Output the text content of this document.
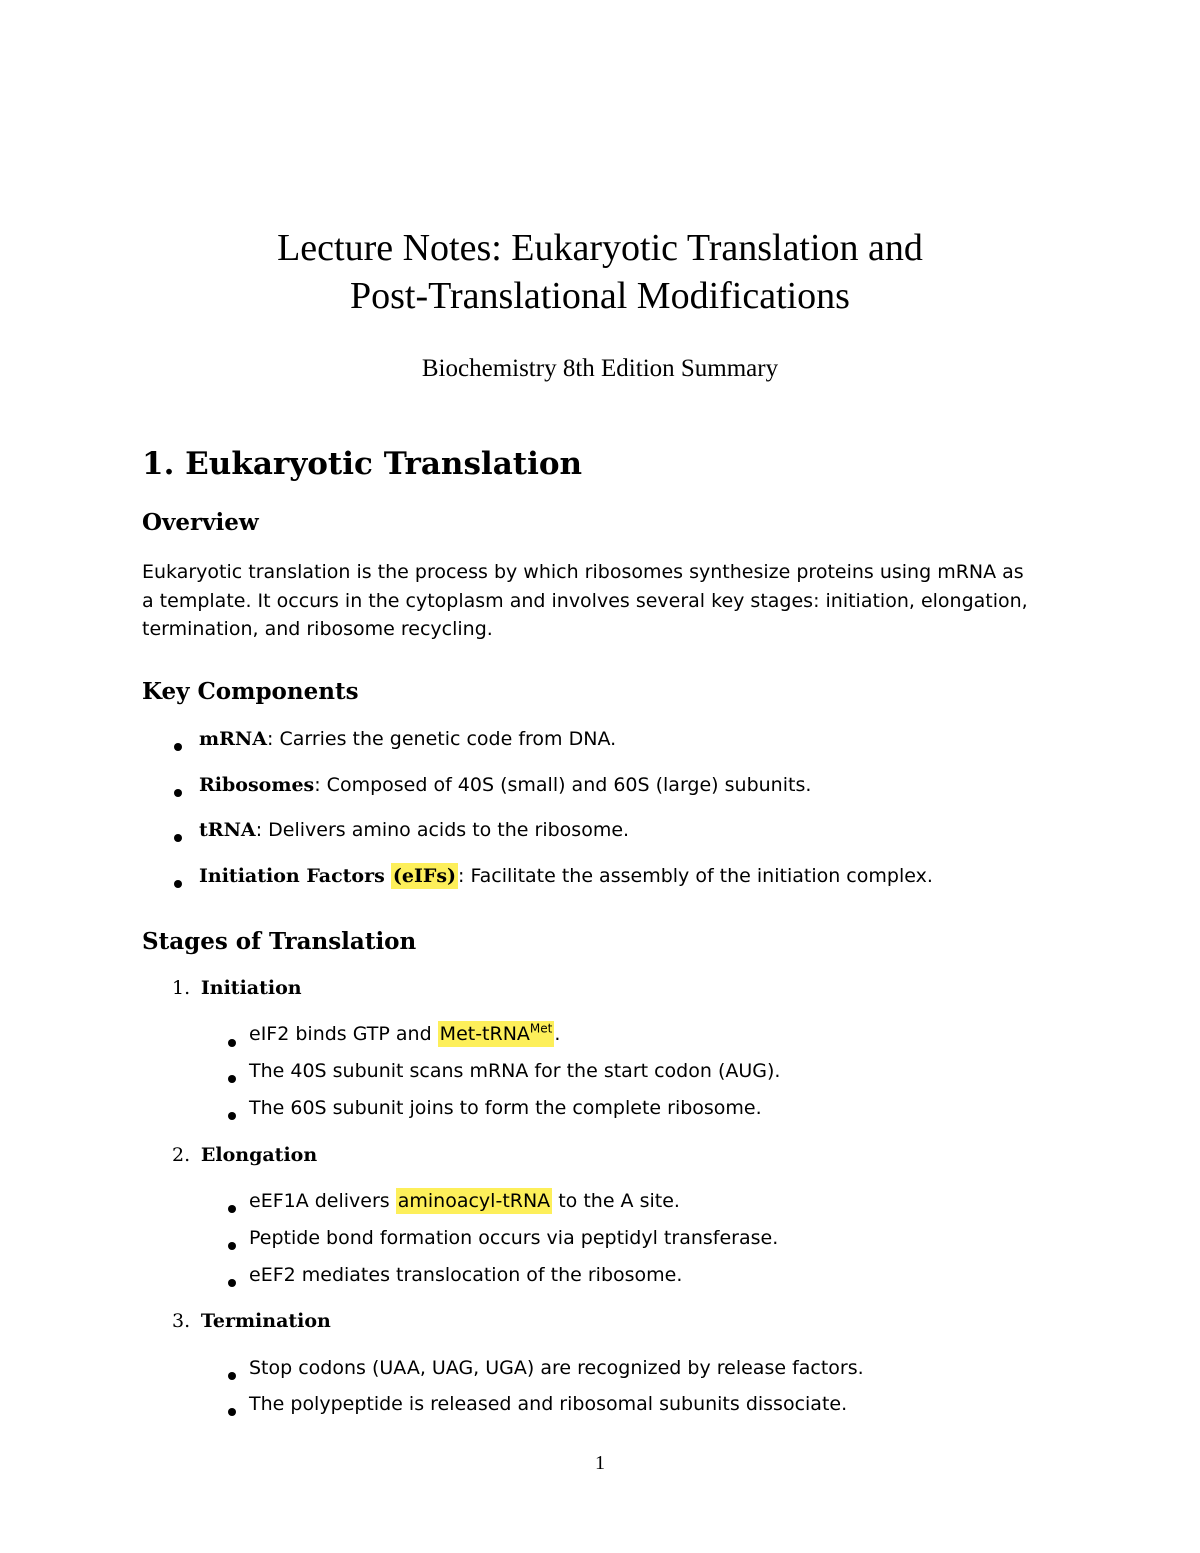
Lecture Notes: Eukaryotic Translation and
Post-Translational Modifications
Biochemistry 8th Edition Summary
1. Eukaryotic Translation
Overview
Eukaryotic translation is the process by which ribosomes synthesize proteins using mRNA as
a template. It occurs in the cytoplasm and involves several key stages: initiation, elongation,
termination, and ribosome recycling.
Key Components
mRNA: Carries the genetic code from DNA.
Ribosomes: Composed of 40S (small) and 60S (large) subunits.
tRNA: Delivers amino acids to the ribosome.
Initiation Factors (eIFs) : Facilitate the assembly of the initiation complex.
Stages of Translation
1. Initiation
eIF2 binds GTP and Met-tRNA$^{Met}$ .
The 40S subunit scans mRNA for the start codon (AUG).
The 60S subunit joins to form the complete ribosome.
2. Elongation
eEF1A delivers aminoacyl-tRNA to the A site.
Peptide bond formation occurs via peptidyl transferase.
eEF2 mediates translocation of the ribosome.
3. Termination
Stop codons (UAA, UAG, UGA) are recognized by release factors.
The polypeptide is released and ribosomal subunits dissociate.
1
